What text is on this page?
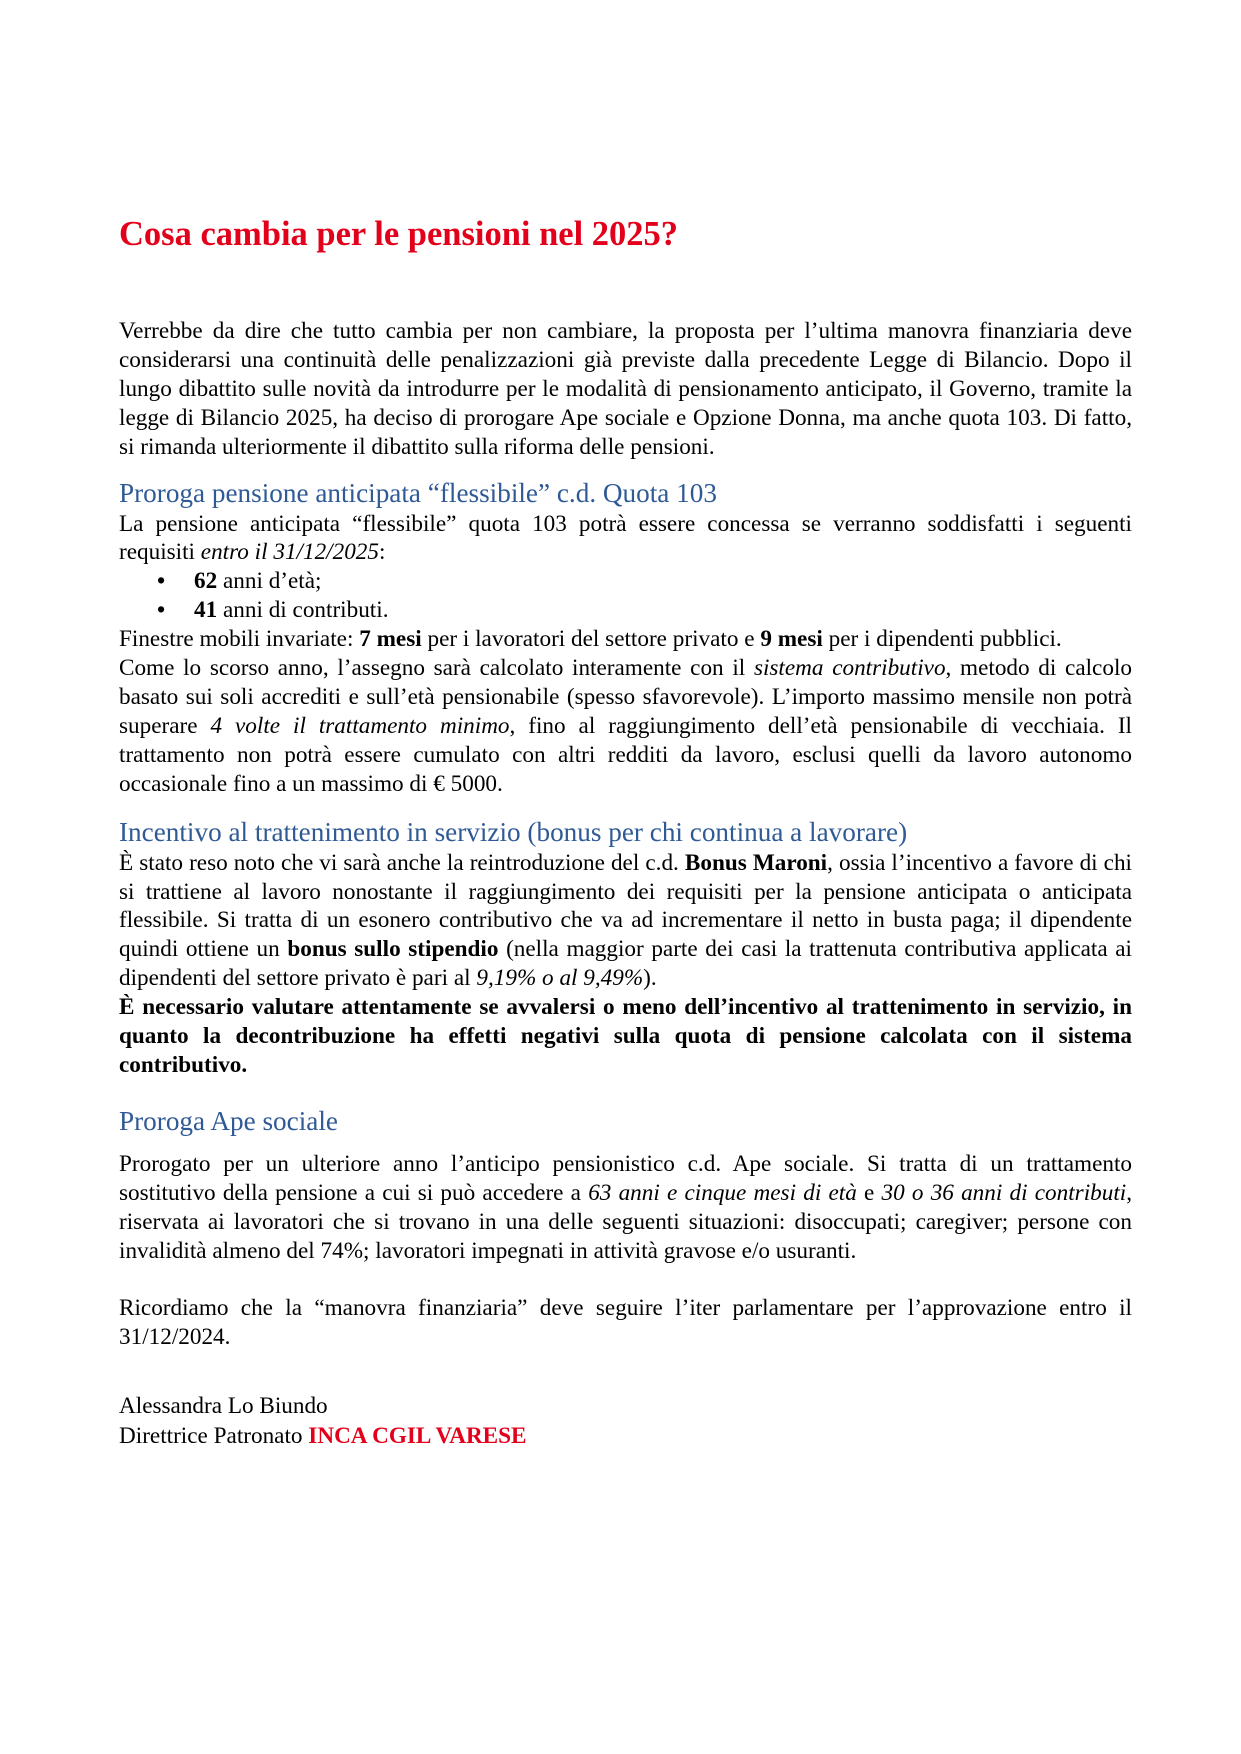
Cosa cambia per le pensioni nel 2025?

Verrebbe da dire che tutto cambia per non cambiare, la proposta per l’ultima manovra finanziaria deve considerarsi una continuità delle penalizzazioni già previste dalla precedente Legge di Bilancio. Dopo il lungo dibattito sulle novità da introdurre per le modalità di pensionamento anticipato, il Governo, tramite la legge di Bilancio 2025, ha deciso di prorogare Ape sociale e Opzione Donna, ma anche quota 103. Di fatto, si rimanda ulteriormente il dibattito sulla riforma delle pensioni.

Proroga pensione anticipata “flessibile” c.d. Quota 103

La pensione anticipata “flessibile” quota 103 potrà essere concessa se verranno soddisfatti i seguenti requisiti entro il 31/12/2025:

• 62 anni d’età;
• 41 anni di contributi.

Finestre mobili invariate: 7 mesi per i lavoratori del settore privato e 9 mesi per i dipendenti pubblici.

Come lo scorso anno, l’assegno sarà calcolato interamente con il sistema contributivo, metodo di calcolo basato sui soli accrediti e sull’età pensionabile (spesso sfavorevole). L’importo massimo mensile non potrà superare 4 volte il trattamento minimo, fino al raggiungimento dell’età pensionabile di vecchiaia. Il trattamento non potrà essere cumulato con altri redditi da lavoro, esclusi quelli da lavoro autonomo occasionale fino a un massimo di € 5000.

Incentivo al trattenimento in servizio (bonus per chi continua a lavorare)

È stato reso noto che vi sarà anche la reintroduzione del c.d. Bonus Maroni, ossia l’incentivo a favore di chi si trattiene al lavoro nonostante il raggiungimento dei requisiti per la pensione anticipata o anticipata flessibile. Si tratta di un esonero contributivo che va ad incrementare il netto in busta paga; il dipendente quindi ottiene un bonus sullo stipendio (nella maggior parte dei casi la trattenuta contributiva applicata ai dipendenti del settore privato è pari al 9,19% o al 9,49%).

È necessario valutare attentamente se avvalersi o meno dell’incentivo al trattenimento in servizio, in quanto la decontribuzione ha effetti negativi sulla quota di pensione calcolata con il sistema contributivo.

Proroga Ape sociale

Prorogato per un ulteriore anno l’anticipo pensionistico c.d. Ape sociale. Si tratta di un trattamento sostitutivo della pensione a cui si può accedere a 63 anni e cinque mesi di età e 30 o 36 anni di contributi, riservata ai lavoratori che si trovano in una delle seguenti situazioni: disoccupati; caregiver; persone con invalidità almeno del 74%; lavoratori impegnati in attività gravose e/o usuranti.

Ricordiamo che la “manovra finanziaria” deve seguire l’iter parlamentare per l’approvazione entro il 31/12/2024.

Alessandra Lo Biundo
Direttrice Patronato INCA CGIL VARESE
